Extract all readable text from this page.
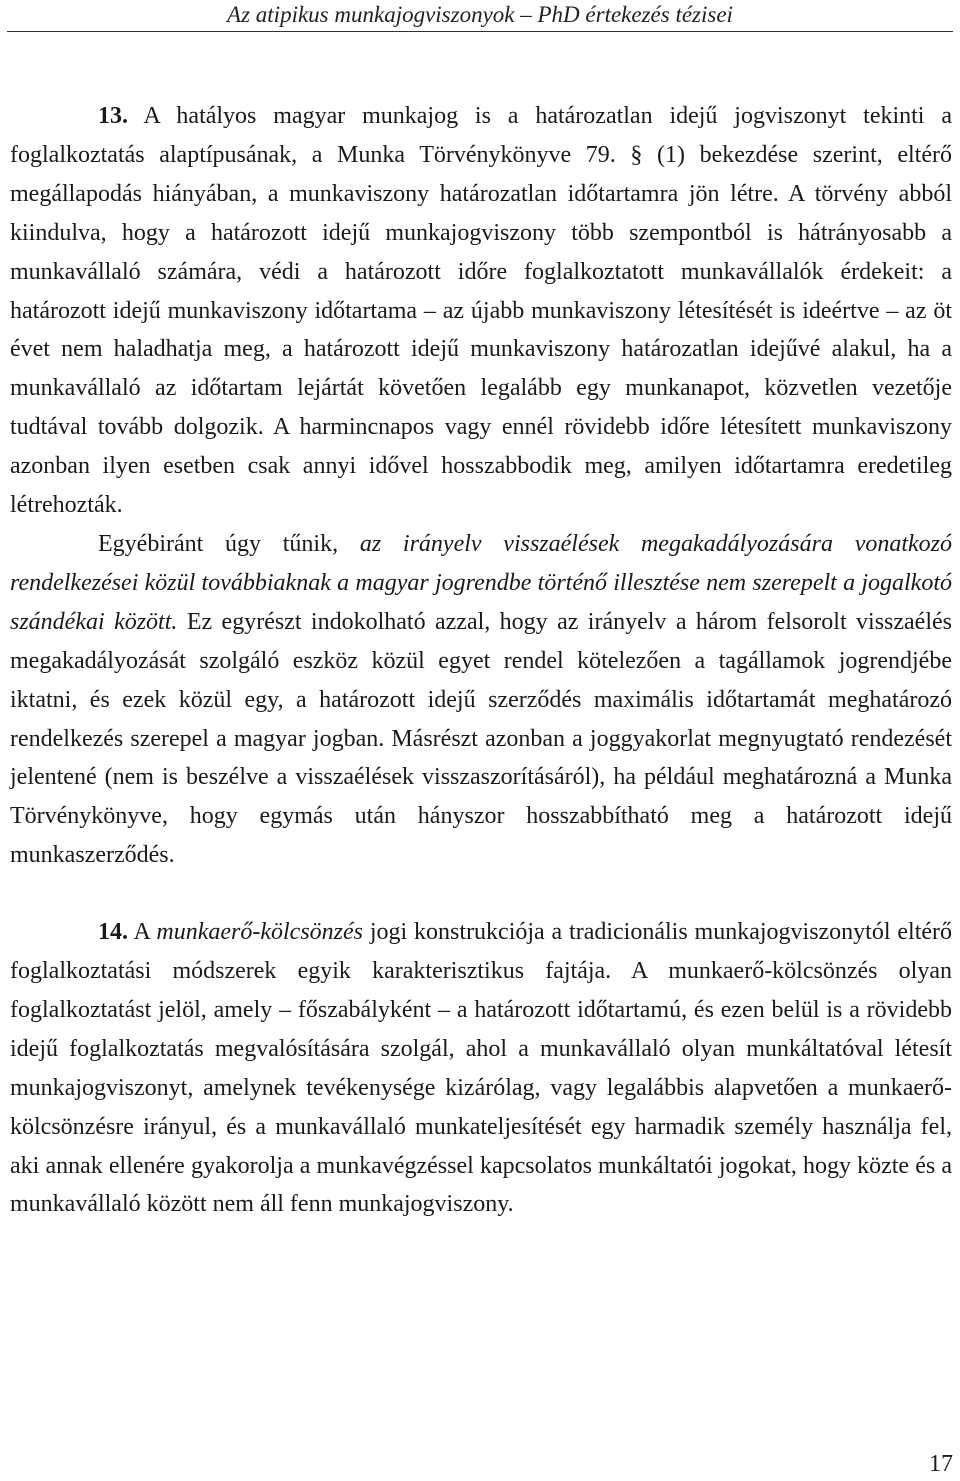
Az atipikus munkajogviszonyok – PhD értekezés tézisei

13. A hatályos magyar munkajog is a határozatlan idejű jogviszonyt tekinti a foglalkoztatás alaptípusának, a Munka Törvénykönyve 79. § (1) bekezdése szerint, eltérő megállapodás hiányában, a munkaviszony határozatlan időtartamra jön létre. A törvény abból kiindulva, hogy a határozott idejű munkajogviszony több szempontból is hátrányosabb a munkavállaló számára, védi a határozott időre foglalkoztatott munkavállalók érdekeit: a határozott idejű munkaviszony időtartama – az újabb munkaviszony létesítését is ideértve – az öt évet nem haladhatja meg, a határozott idejű munkaviszony határozatlan idejűvé alakul, ha a munkavállaló az időtartam lejártát követően legalább egy munkanapot, közvetlen vezetője tudtával tovább dolgozik. A harmincnapos vagy ennél rövidebb időre létesített munkaviszony azonban ilyen esetben csak annyi idővel hosszabbodik meg, amilyen időtartamra eredetileg létrehozták.
Egyébiránt úgy tűnik, az irányelv visszaélések megakadályozására vonatkozó rendelkezései közül továbbiaknak a magyar jogrendbe történő illesztése nem szerepelt a jogalkotó szándékai között. Ez egyrészt indokolható azzal, hogy az irányelv a három felsorolt visszaélés megakadályozását szolgáló eszköz közül egyet rendel kötelezően a tagállamok jogrendjébe iktatni, és ezek közül egy, a határozott idejű szerződés maximális időtartamát meghatározó rendelkezés szerepel a magyar jogban. Másrészt azonban a joggyakorlat megnyugtató rendezését jelentené (nem is beszélve a visszaélések visszaszorításáról), ha például meghatározná a Munka Törvénykönyve, hogy egymás után hányszor hosszabbítható meg a határozott idejű munkaszerződés.

14. A munkaerő-kölcsönzés jogi konstrukciója a tradicionális munkajogviszonytól eltérő foglalkoztatási módszerek egyik karakterisztikus fajtája. A munkaerő-kölcsönzés olyan foglalkoztatást jelöl, amely – főszabályként – a határozott időtartamú, és ezen belül is a rövidebb idejű foglalkoztatás megvalósítására szolgál, ahol a munkavállaló olyan munkáltatóval létesít munkajogviszonyt, amelynek tevékenysége kizárólag, vagy legalábbis alapvetően a munkaerő-kölcsönzésre irányul, és a munkavállaló munkateljesítését egy harmadik személy használja fel, aki annak ellenére gyakorolja a munkavégzéssel kapcsolatos munkáltatói jogokat, hogy közte és a munkavállaló között nem áll fenn munkajogviszony.

17
